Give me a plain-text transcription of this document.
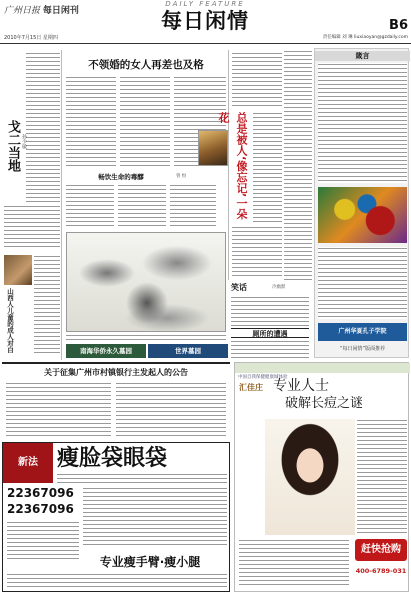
广州日报 每日闲刊
DAILY FEATURE
每日闲情	B6
2010年7月15日 星期四	责任编辑 刘 琳 liuxiaoyan@gzdaily.com
戈二当地 孙少敏
山西人儿童的成人对白
不领婚的女人再差也及格
畅饮生命的毒醪	曾 恒
南海华侨永久墓园	世界墓园
总是被人‘像忘记’一朵花
笑话	冷幽默
厕所的遭遇
箴言
广州华夏孔子学院
“每日闲情”版面推荐
关于征集广州市村镇银行主发起人的公告
新法 瘦脸袋眼袋
22367096
22367096
专业瘦手臂·瘦小腿
中国自我保健健康城体验
汇佳庄 专业人士
破解长痘之谜
赶快抢购
400-6789-031
